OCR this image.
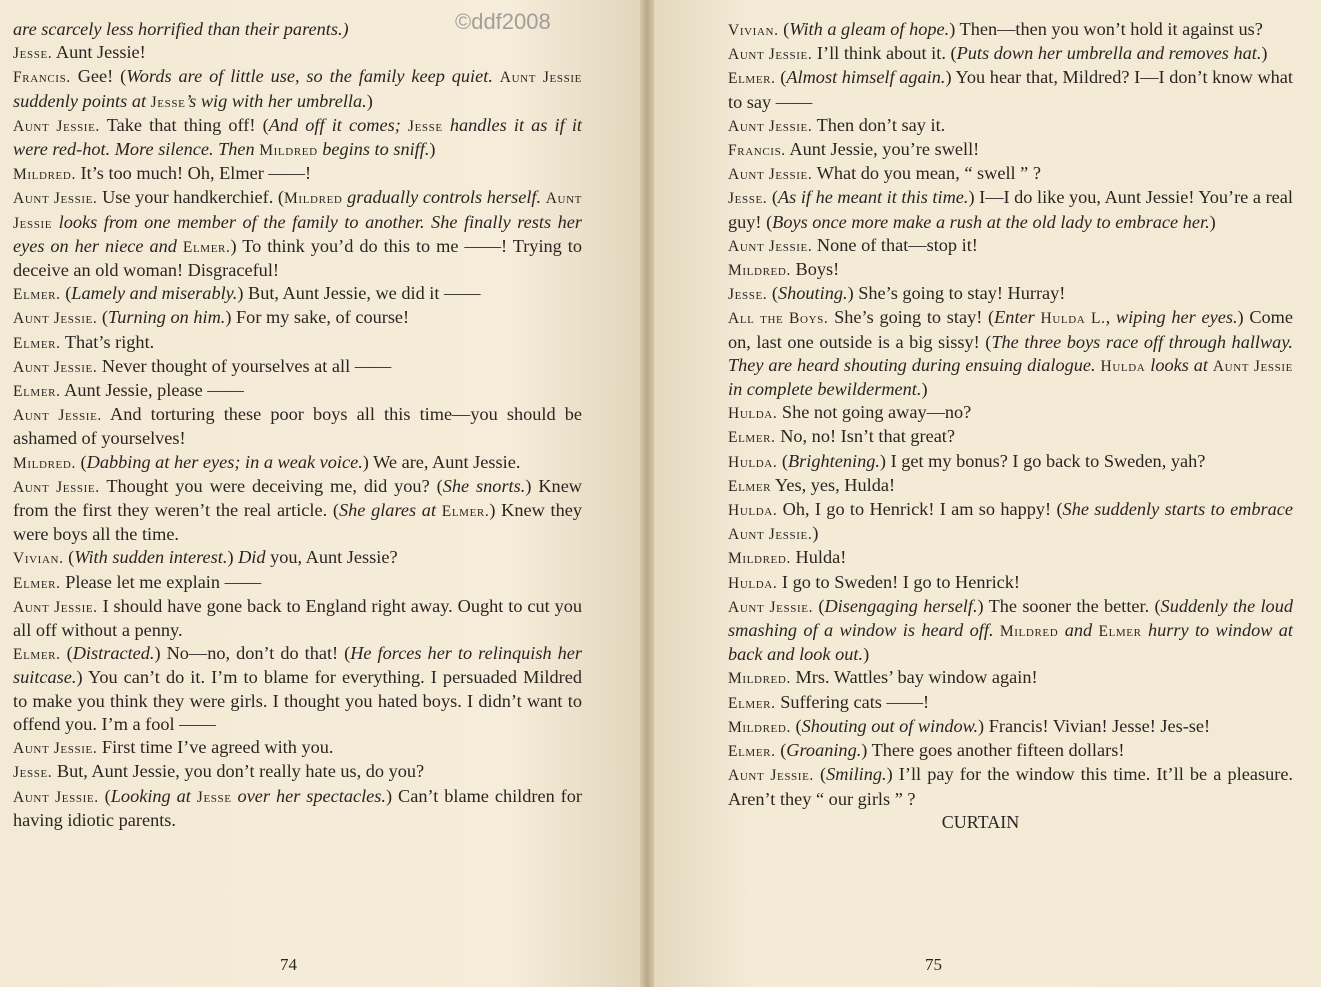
©ddf2008

are scarcely less horrified than their parents.)

Jesse. Aunt Jessie!

Francis. Gee! (Words are of little use, so the family keep quiet. Aunt Jessie suddenly points at Jesse’s wig with her umbrella.)

Aunt Jessie. Take that thing off! (And off it comes; Jesse handles it as if it were red-hot. More silence. Then Mildred begins to sniff.)

Mildred. It’s too much! Oh, Elmer ——!

Aunt Jessie. Use your handkerchief. (Mildred gradually controls herself. Aunt Jessie looks from one member of the family to another. She finally rests her eyes on her niece and Elmer.) To think you’d do this to me ——! Trying to deceive an old woman! Disgraceful!

Elmer. (Lamely and miserably.) But, Aunt Jessie, we did it ——

Aunt Jessie. (Turning on him.) For my sake, of course!

Elmer. That’s right.

Aunt Jessie. Never thought of yourselves at all ——

Elmer. Aunt Jessie, please ——

Aunt Jessie. And torturing these poor boys all this time—you should be ashamed of yourselves!

Mildred. (Dabbing at her eyes; in a weak voice.) We are, Aunt Jessie.

Aunt Jessie. Thought you were deceiving me, did you? (She snorts.) Knew from the first they weren’t the real article. (She glares at Elmer.) Knew they were boys all the time.

Vivian. (With sudden interest.) Did you, Aunt Jessie?

Elmer. Please let me explain ——

Aunt Jessie. I should have gone back to England right away. Ought to cut you all off without a penny.

Elmer. (Distracted.) No—no, don’t do that! (He forces her to relinquish her suitcase.) You can’t do it. I’m to blame for everything. I persuaded Mildred to make you think they were girls. I thought you hated boys. I didn’t want to offend you. I’m a fool ——

Aunt Jessie. First time I’ve agreed with you.

Jesse. But, Aunt Jessie, you don’t really hate us, do you?

Aunt Jessie. (Looking at Jesse over her spectacles.) Can’t blame children for having idiotic parents.

74

Vivian. (With a gleam of hope.) Then—then you won’t hold it against us?

Aunt Jessie. I’ll think about it. (Puts down her umbrella and removes hat.)

Elmer. (Almost himself again.) You hear that, Mildred? I—I don’t know what to say ——

Aunt Jessie. Then don’t say it.

Francis. Aunt Jessie, you’re swell!

Aunt Jessie. What do you mean, “ swell ” ?

Jesse. (As if he meant it this time.) I—I do like you, Aunt Jessie! You’re a real guy! (Boys once more make a rush at the old lady to embrace her.)

Aunt Jessie. None of that—stop it!

Mildred. Boys!

Jesse. (Shouting.) She’s going to stay! Hurray!

All the Boys. She’s going to stay! (Enter Hulda L., wiping her eyes.) Come on, last one outside is a big sissy! (The three boys race off through hallway. They are heard shouting during ensuing dialogue. Hulda looks at Aunt Jessie in complete bewilderment.)

Hulda. She not going away—no?

Elmer. No, no! Isn’t that great?

Hulda. (Brightening.) I get my bonus? I go back to Sweden, yah?

Elmer Yes, yes, Hulda!

Hulda. Oh, I go to Henrick! I am so happy! (She suddenly starts to embrace Aunt Jessie.)

Mildred. Hulda!

Hulda. I go to Sweden! I go to Henrick!

Aunt Jessie. (Disengaging herself.) The sooner the better. (Suddenly the loud smashing of a window is heard off. Mildred and Elmer hurry to window at back and look out.)

Mildred. Mrs. Wattles’ bay window again!

Elmer. Suffering cats ——!

Mildred. (Shouting out of window.) Francis! Vivian! Jesse! Jes-se!

Elmer. (Groaning.) There goes another fifteen dollars!

Aunt Jessie. (Smiling.) I’ll pay for the window this time. It’ll be a pleasure. Aren’t they “ our girls ” ?

CURTAIN
75
